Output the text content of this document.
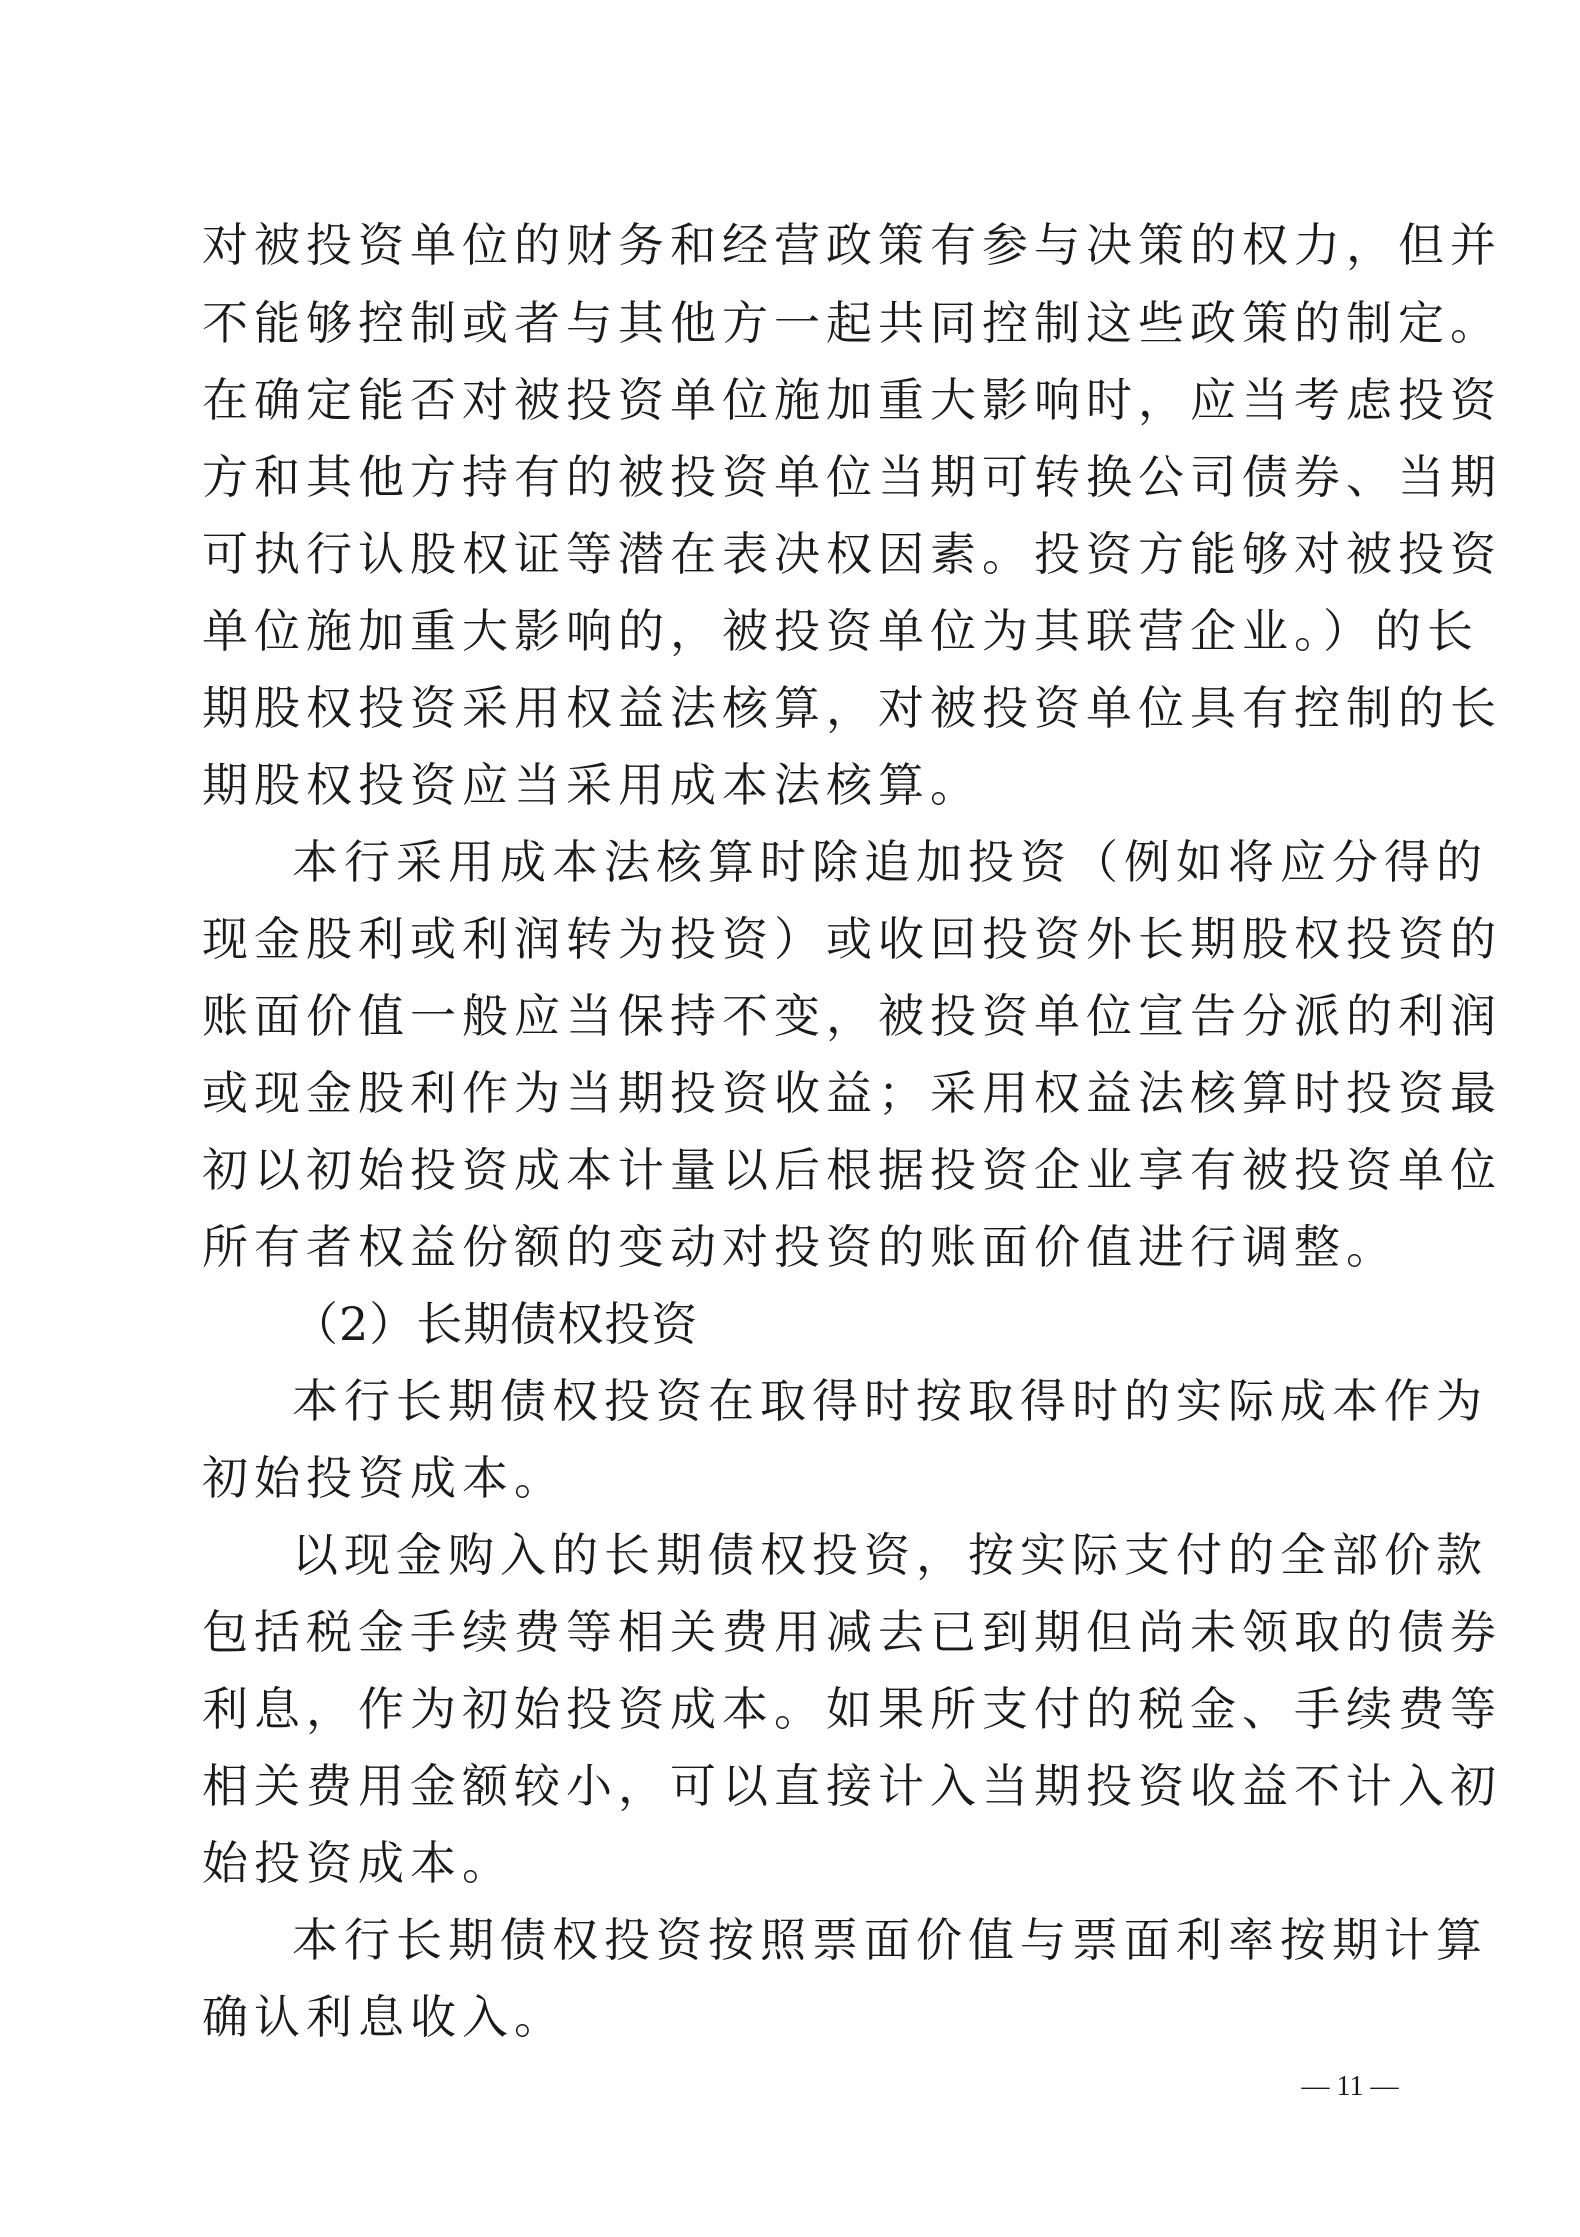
对被投资单位的财务和经营政策有参与决策的权力，但并
不能够控制或者与其他方一起共同控制这些政策的制定。
在确定能否对被投资单位施加重大影响时，应当考虑投资
方和其他方持有的被投资单位当期可转换公司债券、当期
可执行认股权证等潜在表决权因素。投资方能够对被投资
单位施加重大影响的，被投资单位为其联营企业。）的长
期股权投资采用权益法核算，对被投资单位具有控制的长
期股权投资应当采用成本法核算。
本行采用成本法核算时除追加投资（例如将应分得的
现金股利或利润转为投资）或收回投资外长期股权投资的
账面价值一般应当保持不变，被投资单位宣告分派的利润
或现金股利作为当期投资收益；采用权益法核算时投资最
初以初始投资成本计量以后根据投资企业享有被投资单位
所有者权益份额的变动对投资的账面价值进行调整。
（2）长期债权投资
本行长期债权投资在取得时按取得时的实际成本作为
初始投资成本。
以现金购入的长期债权投资，按实际支付的全部价款
包括税金手续费等相关费用减去已到期但尚未领取的债券
利息，作为初始投资成本。如果所支付的税金、手续费等
相关费用金额较小，可以直接计入当期投资收益不计入初
始投资成本。
本行长期债权投资按照票面价值与票面利率按期计算
确认利息收入。
— 11 —
